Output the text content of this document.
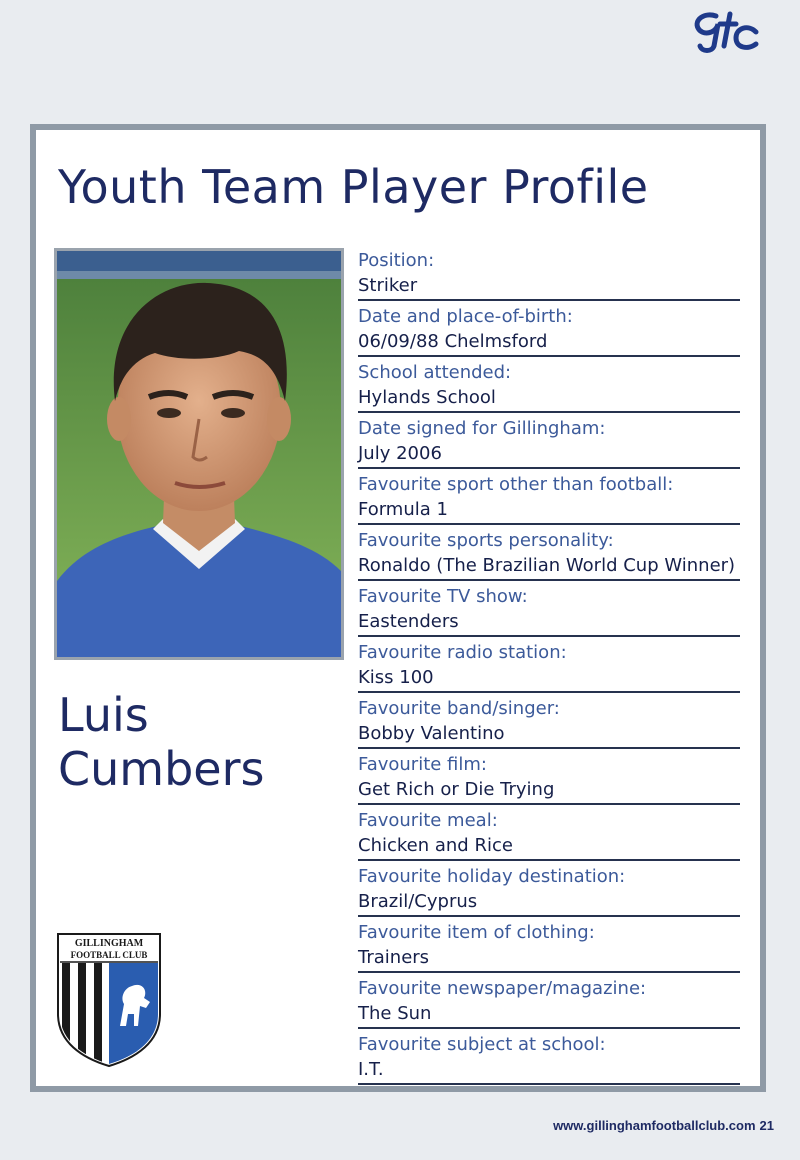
Youth Team Player Profile
Luis
Cumbers
GILLINGHAM
FOOTBALL CLUB
Position:
Striker
Date and place-of-birth:
06/09/88 Chelmsford
School attended:
Hylands School
Date signed for Gillingham:
July 2006
Favourite sport other than football:
Formula 1
Favourite sports personality:
Ronaldo (The Brazilian World Cup Winner)
Favourite TV show:
Eastenders
Favourite radio station:
Kiss 100
Favourite band/singer:
Bobby Valentino
Favourite film:
Get Rich or Die Trying
Favourite meal:
Chicken and Rice
Favourite holiday destination:
Brazil/Cyprus
Favourite item of clothing:
Trainers
Favourite newspaper/magazine:
The Sun
Favourite subject at school:
I.T.
www.gillinghamfootballclub.com 21
